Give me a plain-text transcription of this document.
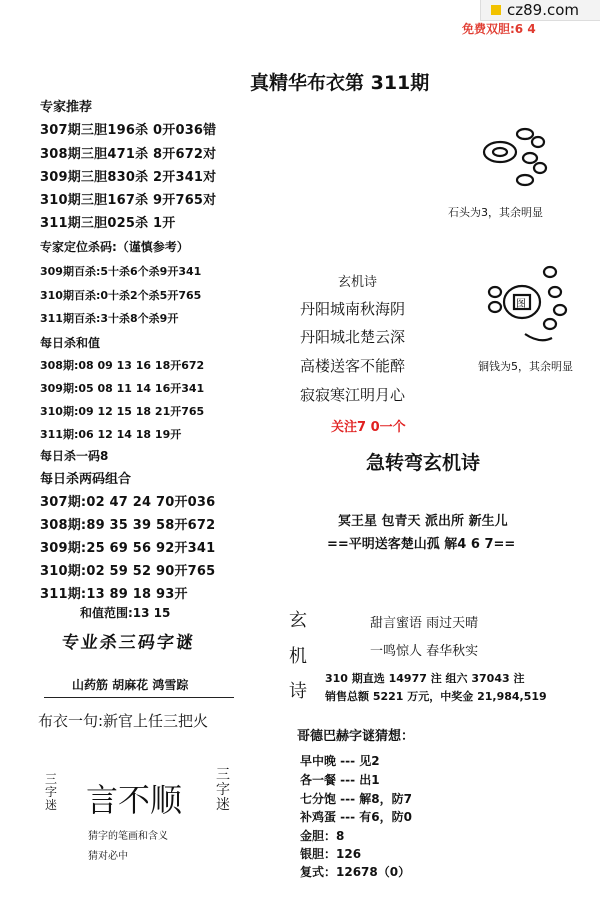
cz89.com
免费双胆:6 4
真精华布衣第 311期
专家推荐
307期三胆196杀 0开036错
308期三胆471杀 8开672对
309期三胆830杀 2开341对
310期三胆167杀 9开765对
311期三胆025杀 1开
专家定位杀码:（谨慎参考）
309期百杀:5十杀6个杀9开341
310期百杀:0十杀2个杀5开765
311期百杀:3十杀8个杀9开
每日杀和值
308期:08 09 13 16 18开672
309期:05 08 11 14 16开341
310期:09 12 15 18 21开765
311期:06 12 14 18 19开
每日杀一码8
每日杀两码组合
307期:02 47 24 70开036
308期:89 35 39 58开672
309期:25 69 56 92开341
310期:02 59 52 90开765
311期:13 89 18 93开
和值范围:13 15
专业杀三码字谜
山药筋 胡麻花 鸿雪踪
布衣一句:新官上任三把火
三字迷 言不顺
三字迷
猜字的笔画和含义
猜对必中
石头为3，其余明显
图
铜钱为5，其余明显
玄机诗
丹阳城南秋海阴
丹阳城北楚云深
高楼送客不能醉
寂寂寒江明月心
关注7 0一个
急转弯玄机诗
冥王星 包青天 派出所 新生儿
==平明送客楚山孤 解4 6 7==
玄
机
诗
甜言蜜语 雨过天晴
一鸣惊人 春华秋实
310 期直选 14977 注 组六 37043 注
销售总额 5221 万元，中奖金 21,984,519
哥德巴赫字谜猜想：
早中晚 --- 见2
各一餐 --- 出1
七分饱 --- 解8，防7
补鸡蛋 --- 有6，防0
金胆：8
银胆：126
复式：12678（0）
